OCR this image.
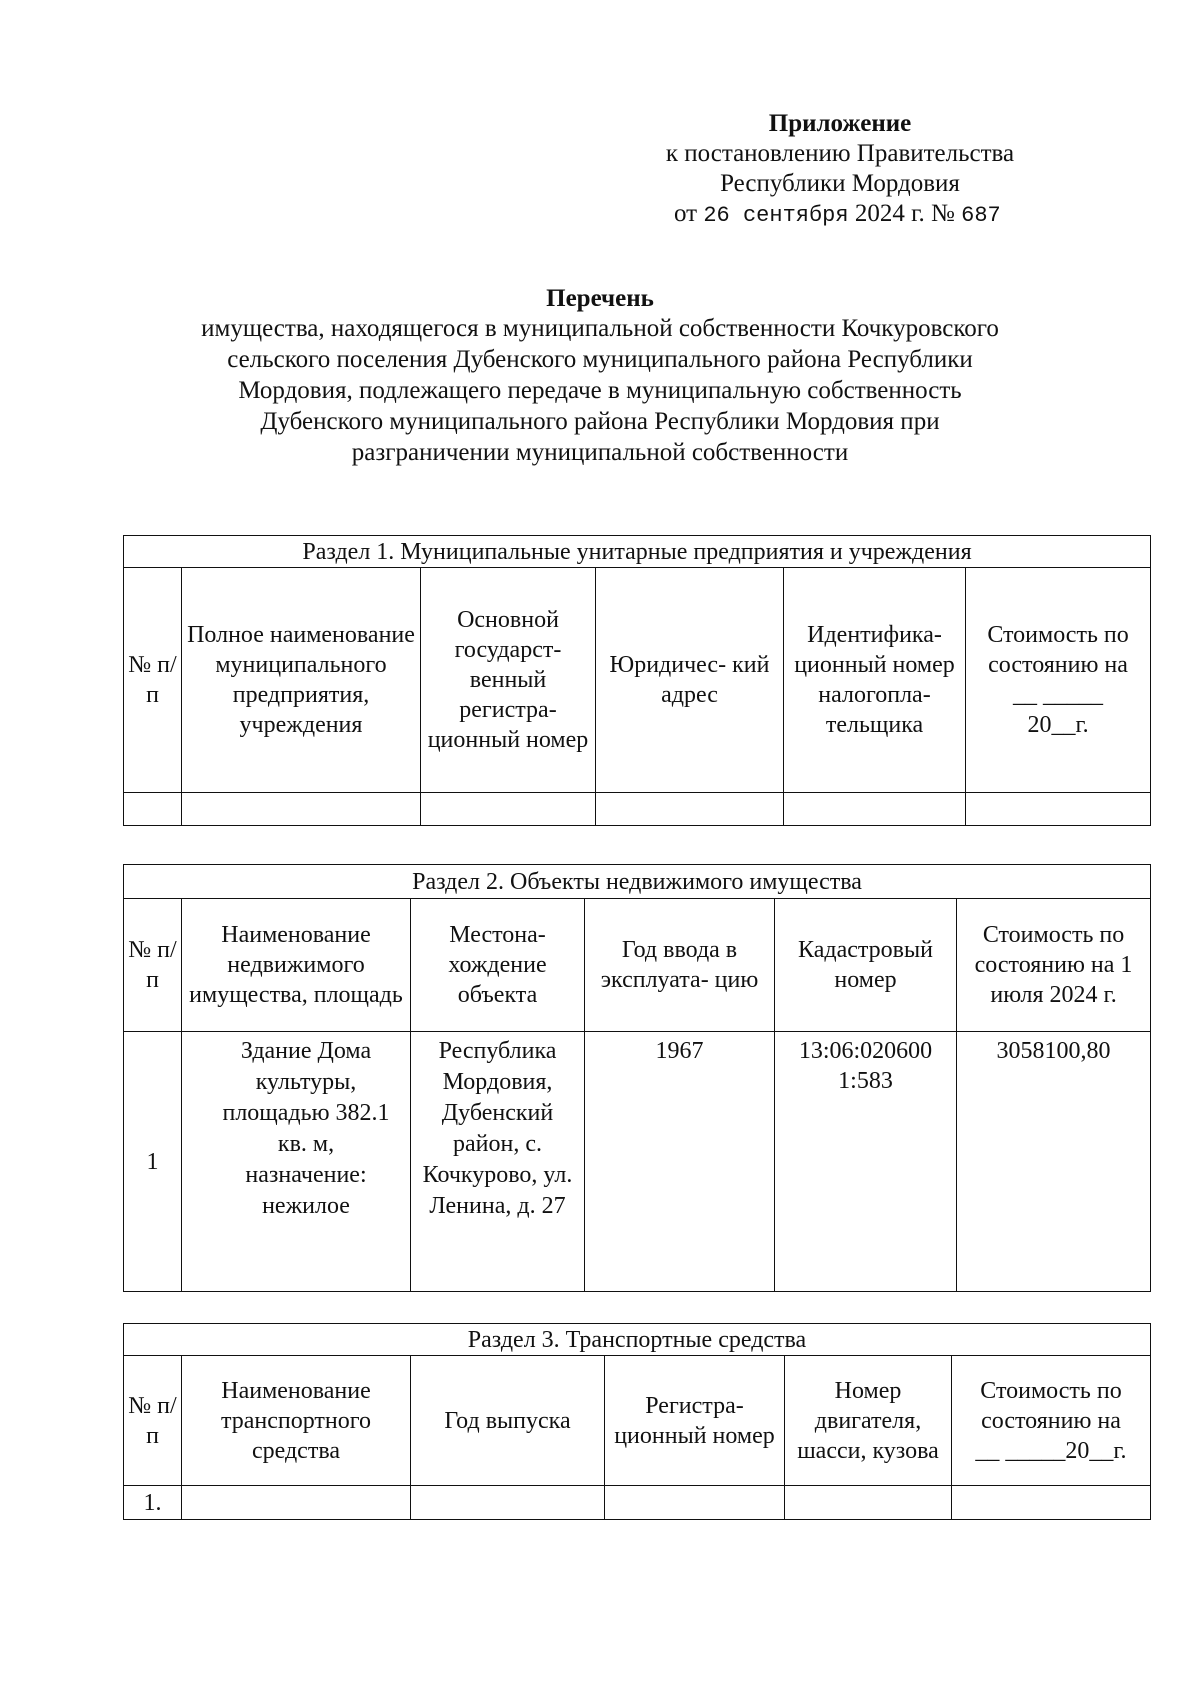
Приложение
к постановлению Правительства
Республики Мордовия
от 26 сентября 2024 г. № 687
Перечень
имущества, находящегося в муниципальной собственности Кочкуровского
сельского поселения Дубенского муниципального района Республики
Мордовия, подлежащего передаче в муниципальную собственность
Дубенского муниципального района Республики Мордовия при
разграничении муниципальной собственности
Раздел 1. Муниципальные унитарные предприятия и учреждения					
№ п/п	Полное наименование муниципального предприятия, учреждения	Основной государст- венный регистра- ционный номер	Юридичес- кий адрес	Идентифика- ционный номер налогопла- тельщика	Стоимость по состоянию на
__ _____
20__г.

Раздел 2. Объекты недвижимого имущества					
№ п/п	Наименование недвижимого имущества, площадь	Местона- хождение объекта	Год ввода в эксплуата- цию	Кадастровый номер	Стоимость по состоянию на 1 июля 2024 г.
1	Здание Дома культуры, площадью 382.1 кв. м, назначение: нежилое	Республика Мордовия, Дубенский район, с. Кочкурово, ул. Ленина, д. 27	1967	13:06:020600 1:583	3058100,80
Раздел 3. Транспортные средства					
№ п/п	Наименование транспортного средства	Год выпуска	Регистра- ционный номер	Номер двигателя, шасси, кузова	Стоимость по состоянию на
__ _____20__г.

1.					
